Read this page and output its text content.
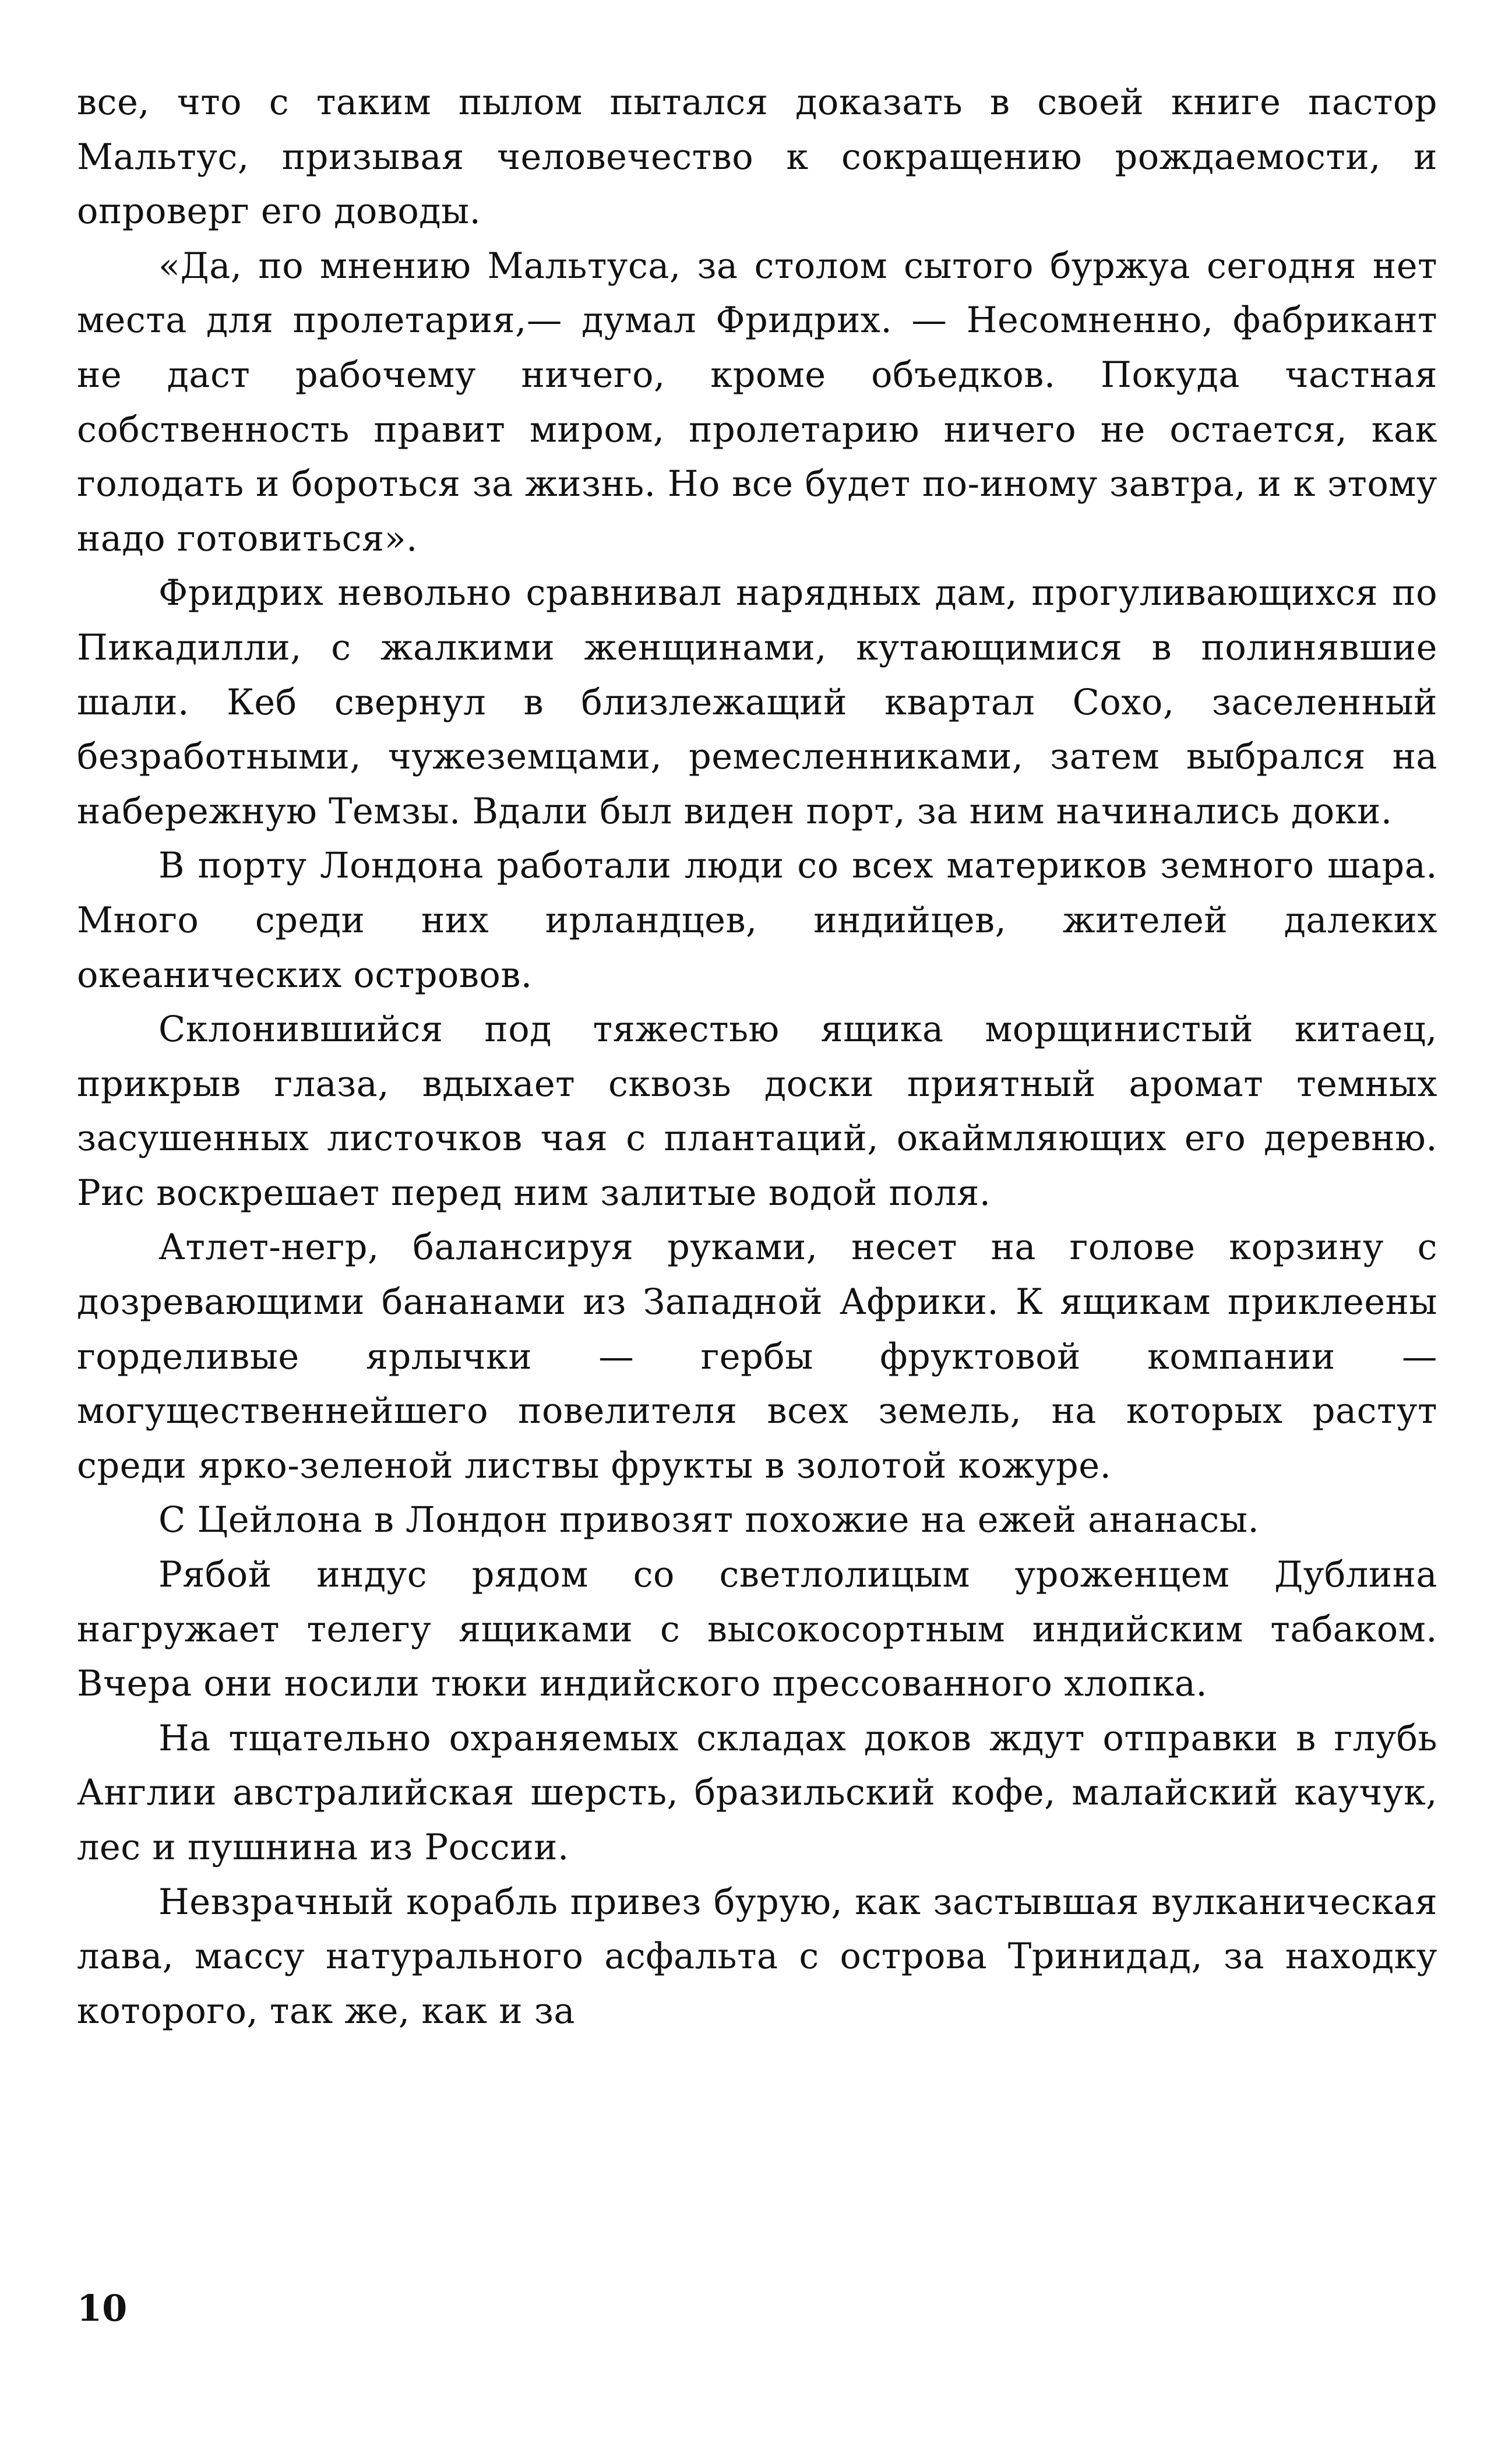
все, что с таким пылом пытался доказать в своей книге пастор Мальтус, призывая человечество к сокращению рождаемости, и опроверг его доводы.

«Да, по мнению Мальтуса, за столом сытого буржуа сегодня нет места для пролетария,— думал Фридрих. — Несомненно, фабрикант не даст рабочему ничего, кроме объедков. Покуда частная собственность правит миром, пролетарию ничего не остается, как голодать и бороться за жизнь. Но все будет по-иному завтра, и к этому надо готовиться».

Фридрих невольно сравнивал нарядных дам, прогуливающихся по Пикадилли, с жалкими женщинами, кутающимися в полинявшие шали. Кеб свернул в близлежащий квартал Сохо, заселенный безработными, чужеземцами, ремесленниками, затем выбрался на набережную Темзы. Вдали был виден порт, за ним начинались доки.

В порту Лондона работали люди со всех материков земного шара. Много среди них ирландцев, индийцев, жителей далеких океанических островов.

Склонившийся под тяжестью ящика морщинистый китаец, прикрыв глаза, вдыхает сквозь доски приятный аромат темных засушенных листочков чая с плантаций, окаймляющих его деревню. Рис воскрешает перед ним залитые водой поля.

Атлет-негр, балансируя руками, несет на голове корзину с дозревающими бананами из Западной Африки. К ящикам приклеены горделивые ярлычки — гербы фруктовой компании — могущественнейшего повелителя всех земель, на которых растут среди ярко-зеленой листвы фрукты в золотой кожуре.

С Цейлона в Лондон привозят похожие на ежей ананасы.

Рябой индус рядом со светлолицым уроженцем Дублина нагружает телегу ящиками с высокосортным индийским табаком. Вчера они носили тюки индийского прессованного хлопка.

На тщательно охраняемых складах доков ждут отправки в глубь Англии австралийская шерсть, бразильский кофе, малайский каучук, лес и пушнина из России.

Невзрачный корабль привез бурую, как застывшая вулканическая лава, массу натурального асфальта с острова Тринидад, за находку которого, так же, как и за

10
